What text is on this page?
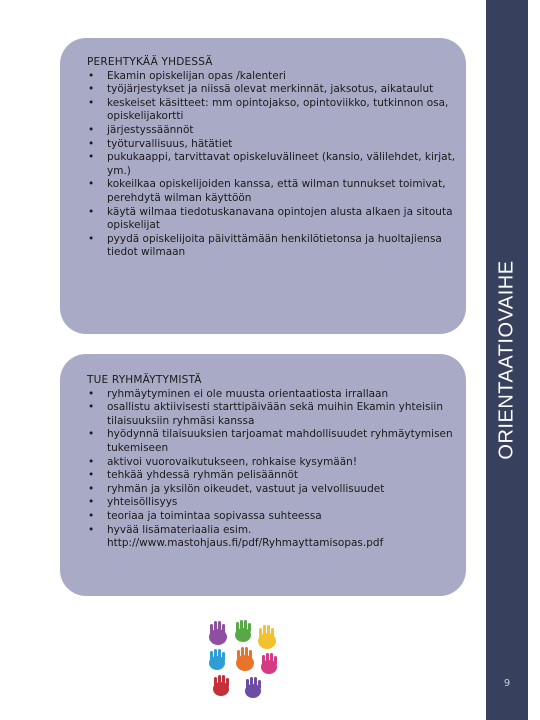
PEREHTYKÄÄ YHDESSÄ
• Ekamin opiskelijan opas /kalenteri
• työjärjestykset ja niissä olevat merkinnät, jaksotus, aikataulut
• keskeiset käsitteet: mm opintojakso, opintoviikko, tutkinnon osa, opiskelijakortti
• järjestyssäännöt
• työturvallisuus, hätätiet
• pukukaappi, tarvittavat opiskeluvälineet (kansio, välilehdet, kirjat, ym.)
• kokeilkaa opiskelijoiden kanssa, että wilman tunnukset toimivat, perehdytä wilman käyttöön
• käytä wilmaa tiedotuskanavana opintojen alusta alkaen ja sitouta opiskelijat
• pyydä opiskelijoita päivittämään henkilötietonsa ja huoltajiensa tiedot wilmaan
TUE RYHMÄYTYMISTÄ
• ryhmäytyminen ei ole muusta orientaatiosta irrallaan
• osallistu aktiivisesti starttipäivään sekä muihin Ekamin yhteisiin tilaisuuksiin ryhmäsi kanssa
• hyödynnä tilaisuuksien tarjoamat mahdollisuudet ryhmäytymisen tukemiseen
• aktivoi vuorovaikutukseen, rohkaise kysymään!
• tehkää yhdessä ryhmän pelisäännöt
• ryhmän ja yksilön oikeudet, vastuut ja velvollisuudet
• yhteisöllisyys
• teoriaa ja toimintaa sopivassa suhteessa
• hyvää lisämateriaalia esim. http://www.mastohjaus.fi/pdf/Ryhmayttamisopas.pdf
ORIENTAATIOVAIHE
9
